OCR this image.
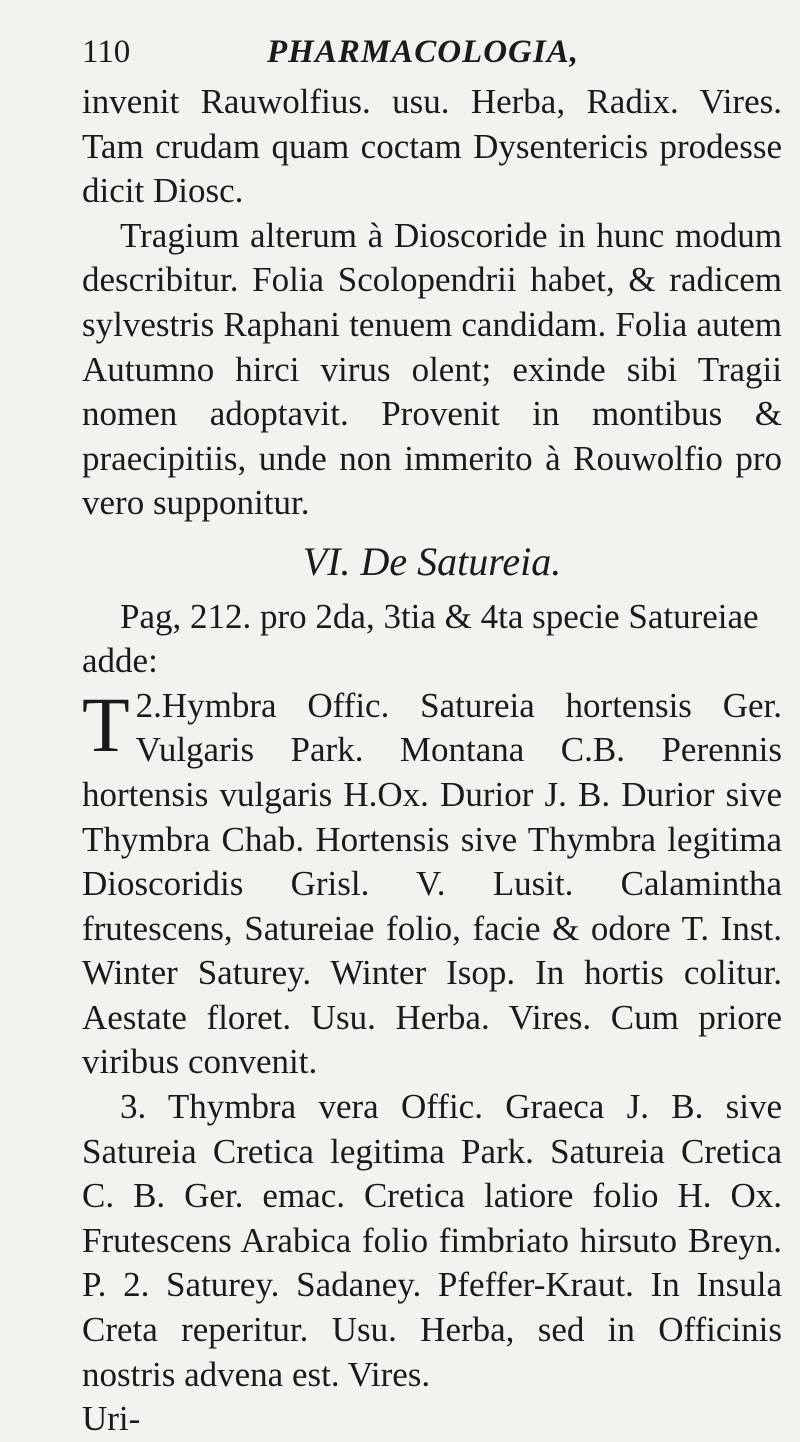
110	PHARMACOLOGIA,

invenit Rauwolfius. usu. Herba, Radix. Vires. Tam crudam quam coctam Dysentericis prodesse dicit Diosc.

Tragium alterum à Dioscoride in hunc modum describitur. Folia Scolopendrii habet, & radicem sylvestris Raphani tenuem candidam. Folia autem Autumno hirci virus olent; exinde sibi Tragii nomen adoptavit. Provenit in montibus & praecipitiis, unde non immerito à Rouwolfio pro vero supponitur.

VI. De Satureia.

Pag, 212. pro 2da, 3tia & 4ta specie Satureiae

adde:

2.
T Hymbra Offic. Satureia hortensis Ger. Vulgaris Park. Montana C.B. Perennis hortensis vulgaris H.Ox. Durior J. B. Durior sive Thymbra Chab. Hortensis sive Thymbra legitima Dioscoridis Grisl. V. Lusit. Calamintha frutescens, Satureiae folio, facie & odore T. Inst. Winter Saturey. Winter Isop. In hortis colitur. Aestate floret. Usu. Herba. Vires. Cum priore viribus convenit.

3. Thymbra vera Offic. Graeca J. B. sive Satureia Cretica legitima Park. Satureia Cretica C. B. Ger. emac. Cretica latiore folio H. Ox. Frutescens Arabica folio fimbriato hirsuto Breyn. P. 2. Saturey. Sadaney. Pfeffer-Kraut. In Insula Creta reperitur. Usu. Herba, sed in Officinis nostris advena est. Vires.

Uri-
